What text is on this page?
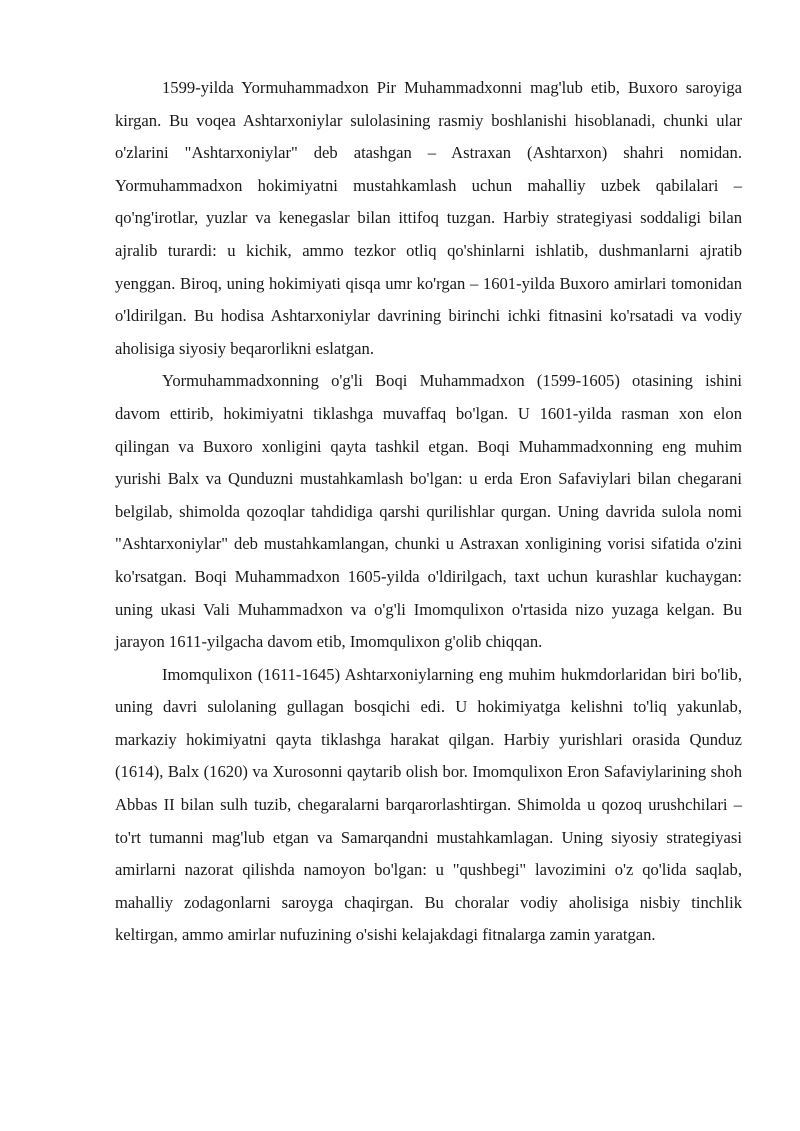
1599-yilda Yormuhammadxon Pir Muhammadxonni mag'lub etib, Buxoro saroyiga kirgan. Bu voqea Ashtarxoniylar sulolasining rasmiy boshlanishi hisoblanadi, chunki ular o'zlarini "Ashtarxoniylar" deb atashgan – Astraxan (Ashtarxon) shahri nomidan. Yormuhammadxon hokimiyatni mustahkamlash uchun mahalliy uzbek qabilalari – qo'ng'irotlar, yuzlar va kenegaslar bilan ittifoq tuzgan. Harbiy strategiyasi soddaligi bilan ajralib turardi: u kichik, ammo tezkor otliq qo'shinlarni ishlatib, dushmanlarni ajratib yenggan. Biroq, uning hokimiyati qisqa umr ko'rgan – 1601-yilda Buxoro amirlari tomonidan o'ldirilgan. Bu hodisa Ashtarxoniylar davrining birinchi ichki fitnasini ko'rsatadi va vodiy aholisiga siyosiy beqarorlikni eslatgan.

Yormuhammadxonning o'g'li Boqi Muhammadxon (1599-1605) otasining ishini davom ettirib, hokimiyatni tiklashga muvaffaq bo'lgan. U 1601-yilda rasman xon elon qilingan va Buxoro xonligini qayta tashkil etgan. Boqi Muhammadxonning eng muhim yurishi Balx va Qunduzni mustahkamlash bo'lgan: u erda Eron Safaviylari bilan chegarani belgilab, shimolda qozoqlar tahdidiga qarshi qurilishlar qurgan. Uning davrida sulola nomi "Ashtarxoniylar" deb mustahkamlangan, chunki u Astraxan xonligining vorisi sifatida o'zini ko'rsatgan. Boqi Muhammadxon 1605-yilda o'ldirilgach, taxt uchun kurashlar kuchaygan: uning ukasi Vali Muhammadxon va o'g'li Imomqulixon o'rtasida nizo yuzaga kelgan. Bu jarayon 1611-yilgacha davom etib, Imomqulixon g'olib chiqqan.

Imomqulixon (1611-1645) Ashtarxoniylarning eng muhim hukmdorlaridan biri bo'lib, uning davri sulolaning gullagan bosqichi edi. U hokimiyatga kelishni to'liq yakunlab, markaziy hokimiyatni qayta tiklashga harakat qilgan. Harbiy yurishlari orasida Qunduz (1614), Balx (1620) va Xurosonni qaytarib olish bor. Imomqulixon Eron Safaviylarining shoh Abbas II bilan sulh tuzib, chegaralarni barqarorlashtirgan. Shimolda u qozoq urushchilari – to'rt tumanni mag'lub etgan va Samarqandni mustahkamlagan. Uning siyosiy strategiyasi amirlarni nazorat qilishda namoyon bo'lgan: u "qushbegi" lavozimini o'z qo'lida saqlab, mahalliy zodagonlarni saroyga chaqirgan. Bu choralar vodiy aholisiga nisbiy tinchlik keltirgan, ammo amirlar nufuzining o'sishi kelajakdagi fitnalarga zamin yaratgan.
